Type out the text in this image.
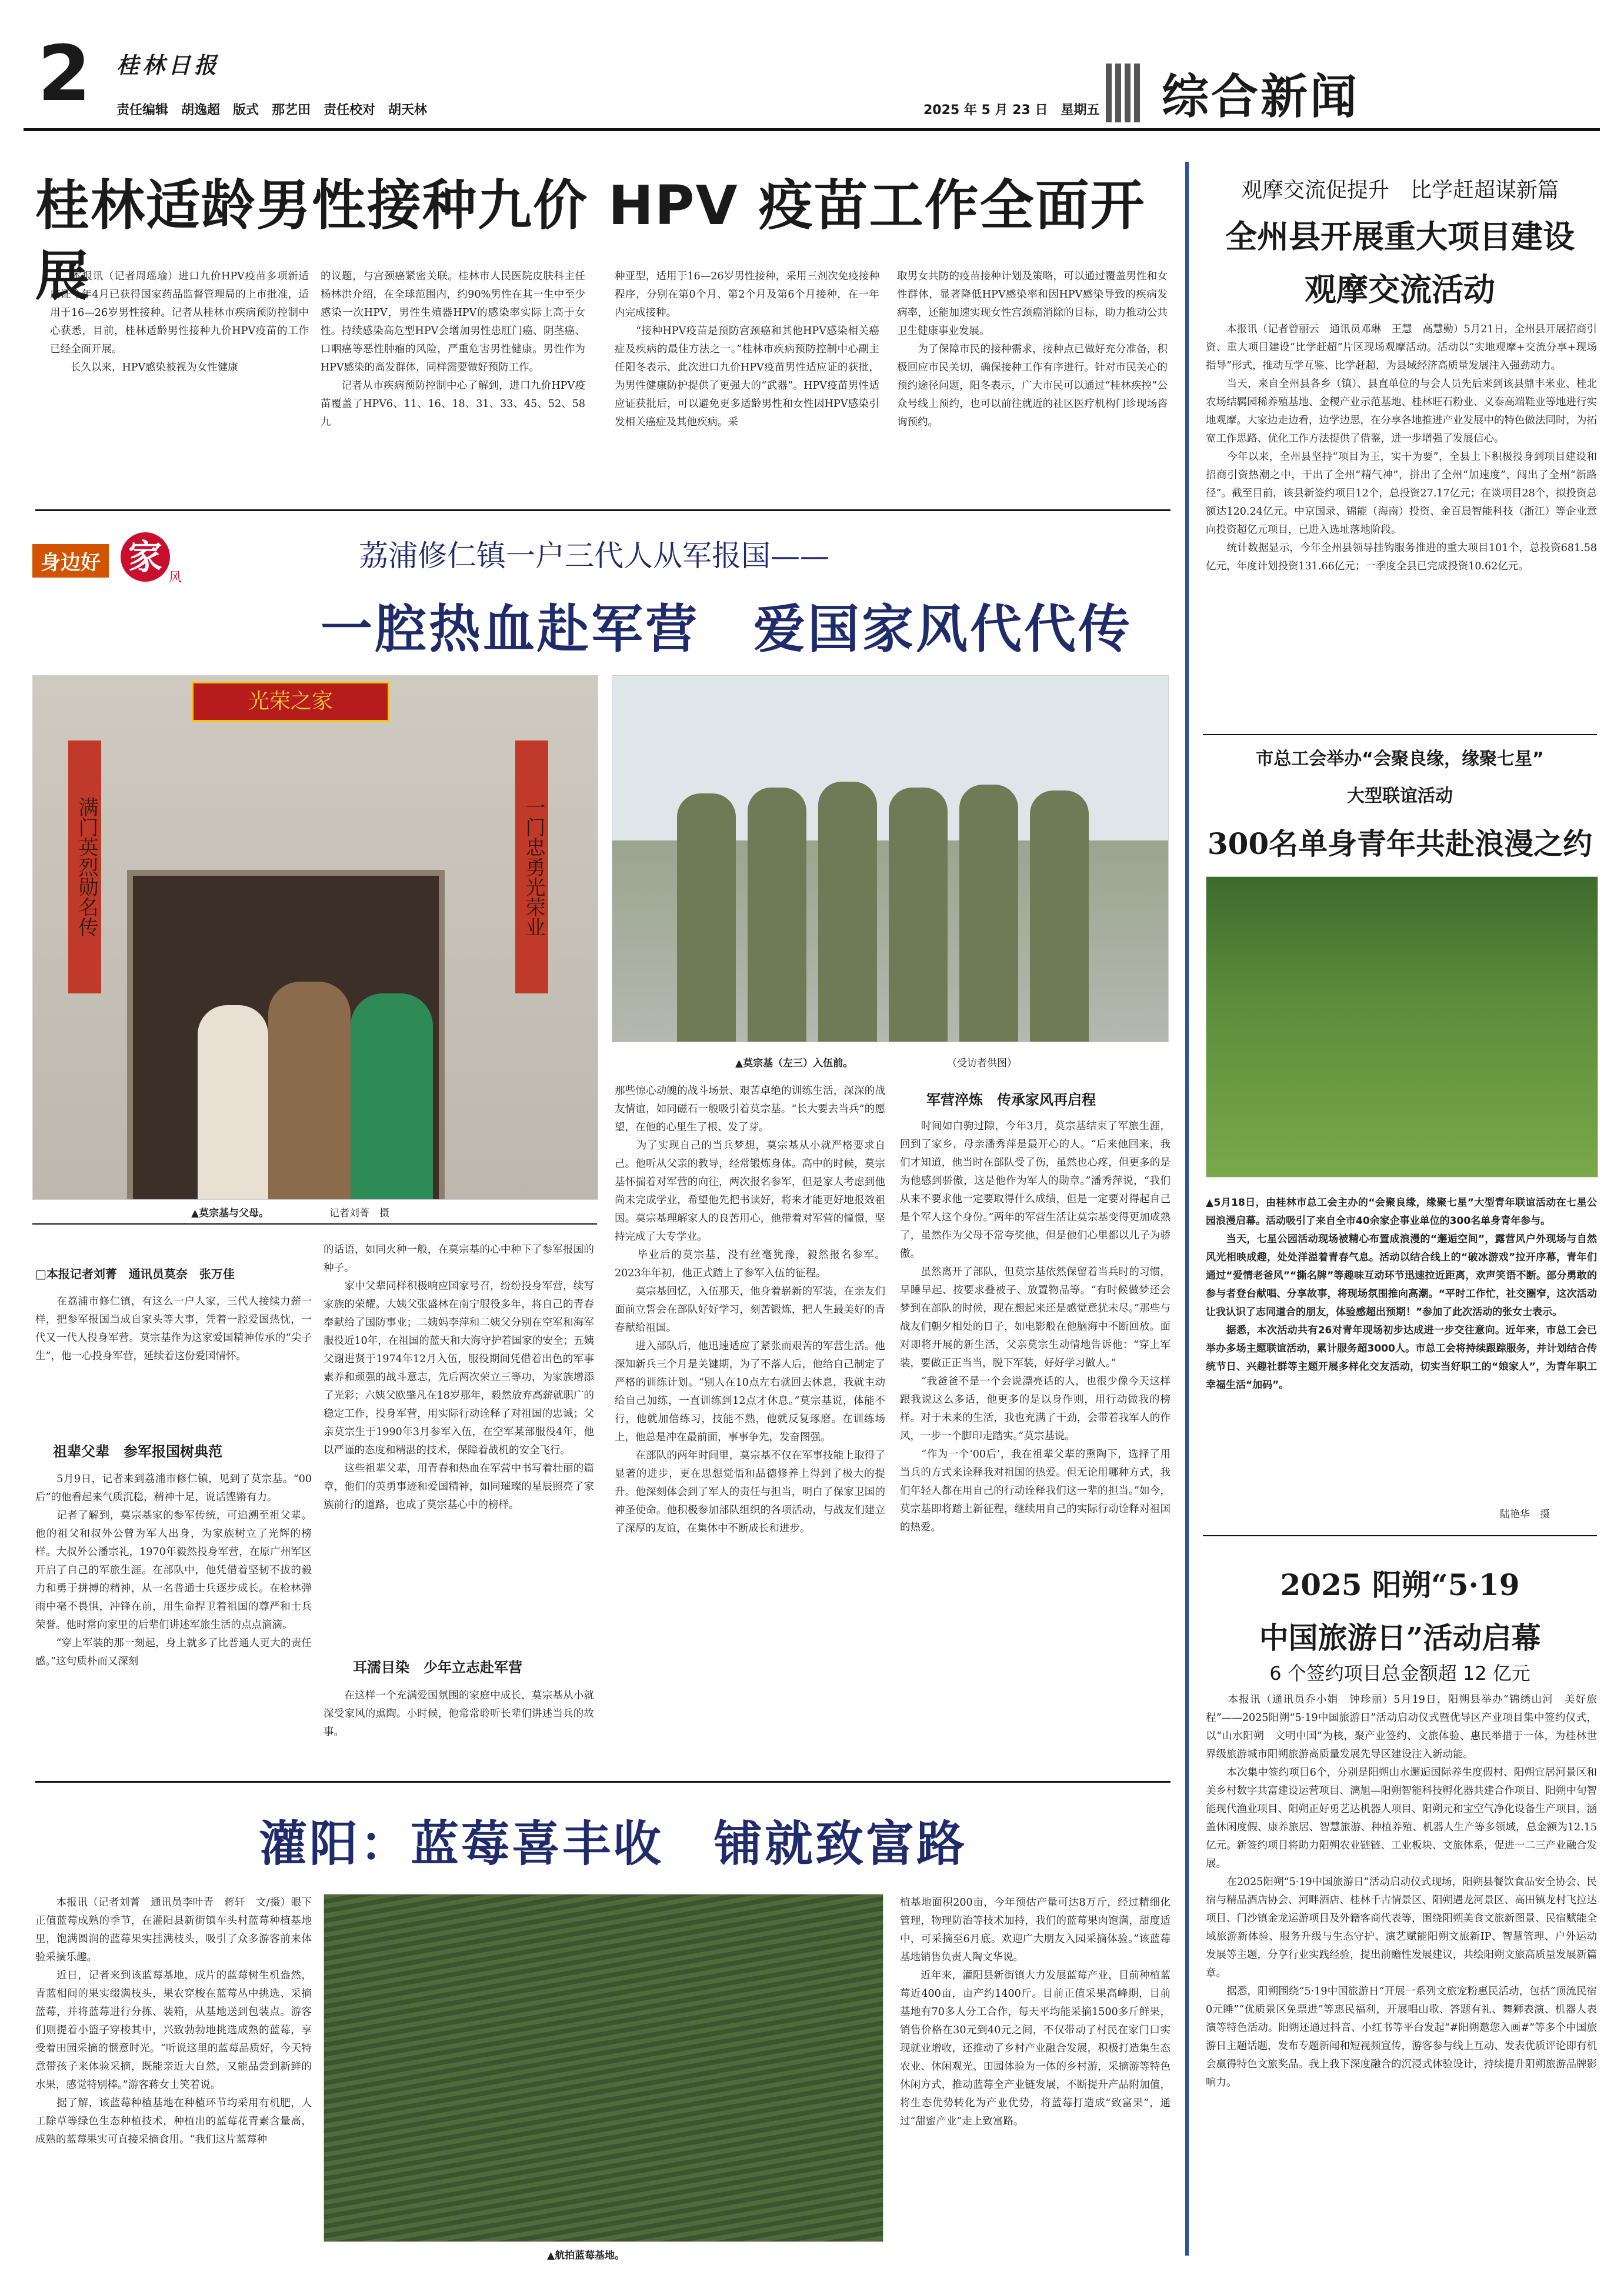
2 桂林日报
责任编辑　胡逸超　版式　那艺田　责任校对　胡天林	2025 年 5 月 23 日　星期五 综合新闻
桂林适龄男性接种九价 HPV 疫苗工作全面开展
　　本报讯（记者周瑶瑜）进口九价HPV疫苗多项新适应证今年4月已获得国家药品监督管理局的上市批准，适用于16—26岁男性接种。记者从桂林市疾病预防控制中心获悉，目前，桂林适龄男性接种九价HPV疫苗的工作已经全面开展。
　　长久以来，HPV感染被视为女性健康
的议题，与宫颈癌紧密关联。桂林市人民医院皮肤科主任杨林洪介绍，在全球范围内，约90%男性在其一生中至少感染一次HPV，男性生殖器HPV的感染率实际上高于女性。持续感染高危型HPV会增加男性患肛门癌、阴茎癌、口咽癌等恶性肿瘤的风险，严重危害男性健康。男性作为HPV感染的高发群体，同样需要做好预防工作。
　　记者从市疾病预防控制中心了解到，进口九价HPV疫苗覆盖了HPV6、11、16、18、31、33、45、52、58九
种亚型，适用于16—26岁男性接种，采用三剂次免疫接种程序，分别在第0个月、第2个月及第6个月接种，在一年内完成接种。
　　“接种HPV疫苗是预防宫颈癌和其他HPV感染相关癌症及疾病的最佳方法之一。”桂林市疾病预防控制中心副主任阳冬表示，此次进口九价HPV疫苗男性适应证的获批，为男性健康防护提供了更强大的“武器”。HPV疫苗男性适应证获批后，可以避免更多适龄男性和女性因HPV感染引发相关癌症及其他疾病。采
取男女共防的疫苗接种计划及策略，可以通过覆盖男性和女性群体，显著降低HPV感染率和因HPV感染导致的疾病发病率，还能加速实现女性宫颈癌消除的目标，助力推动公共卫生健康事业发展。
　　为了保障市民的接种需求，接种点已做好充分准备，积极回应市民关切，确保接种工作有序进行。针对市民关心的预约途径问题，阳冬表示，广大市民可以通过“桂林疾控”公众号线上预约，也可以前往就近的社区医疗机构门诊现场咨询预约。
身边好 家
风
荔浦修仁镇一户三代人从军报国——
一腔热血赴军营　爱国家风代代传
光荣之家
满门英烈勋名传	一门忠勇光荣业
▲莫宗基与父母。	记者刘菁　摄
▲莫宗基（左三）入伍前。	（受访者供图）
□本报记者刘菁　通讯员莫奈　张万佳
　　在荔浦市修仁镇，有这么一户人家，三代人接续力薪一样，把参军报国当成自家头等大事，凭着一腔爱国热忱，一代又一代人投身军营。莫宗基作为这家爱国精神传承的“尖子生”，他一心投身军营，延续着这份爱国情怀。
祖辈父辈　参军报国树典范
　　5月9日，记者来到荔浦市修仁镇，见到了莫宗基。“00后”的他看起来气质沉稳，精神十足，说话铿锵有力。
　　记者了解到，莫宗基家的参军传统，可追溯至祖父辈。他的祖父和叔外公曾为军人出身，为家族树立了光辉的榜样。大叔外公潘宗礼，1970年毅然投身军营，在原广州军区开启了自己的军旅生涯。在部队中，他凭借着坚韧不拔的毅力和勇于拼搏的精神，从一名普通士兵逐步成长。在枪林弹雨中毫不畏惧，冲锋在前，用生命捍卫着祖国的尊严和士兵荣誉。他时常向家里的后辈们讲述军旅生活的点点滴滴。
　　“穿上军装的那一刻起，身上就多了比普通人更大的责任感。”这句质朴而又深刻
的话语，如同火种一般，在莫宗基的心中种下了参军报国的种子。
　　家中父辈同样积极响应国家号召，纷纷投身军营，续写家族的荣耀。大姨父张盛林在南宁服役多年，将自己的青春奉献给了国防事业；二姨妈李萍和二姨父分别在空军和海军服役近10年，在祖国的蓝天和大海守护着国家的安全；五姨父谢进贤于1974年12月入伍，服役期间凭借着出色的军事素养和顽强的战斗意志，先后两次荣立三等功，为家族增添了光彩；六姨父欧肇凡在18岁那年，毅然放弃高薪就职广的稳定工作，投身军营，用实际行动诠释了对祖国的忠诚；父亲莫宗生于1990年3月参军入伍，在空军某部服役4年，他以严谨的态度和精湛的技术，保障着战机的安全飞行。
　　这些祖辈父辈，用青春和热血在军营中书写着壮丽的篇章，他们的英勇事迹和爱国精神，如同璀璨的星辰照亮了家族前行的道路，也成了莫宗基心中的榜样。
耳濡目染　少年立志赴军营
　　在这样一个充满爱国氛围的家庭中成长，莫宗基从小就深受家风的熏陶。小时候，他常常聆听长辈们讲述当兵的故事。
那些惊心动魄的战斗场景、艰苦卓绝的训练生活，深深的战友情谊，如同磁石一般吸引着莫宗基。“长大要去当兵”的愿望，在他的心里生了根、发了芽。
　　为了实现自己的当兵梦想，莫宗基从小就严格要求自己。他听从父亲的教导，经常锻炼身体。高中的时候，莫宗基怀揣着对军营的向往，两次报名参军，但是家人考虑到他尚未完成学业，希望他先把书读好，将来才能更好地报效祖国。莫宗基理解家人的良苦用心，他带着对军营的憧憬，坚持完成了大专学业。
　　毕业后的莫宗基，没有丝毫犹豫，毅然报名参军。2023年年初，他正式踏上了参军入伍的征程。
　　莫宗基回忆，入伍那天，他身着崭新的军装，在亲友们面前立誓会在部队好好学习，刻苦锻炼，把人生最美好的青春献给祖国。
　　进入部队后，他迅速适应了紧张而艰苦的军营生活。他深知新兵三个月是关键期，为了不落人后，他给自己制定了严格的训练计划。“别人在10点左右就回去休息，我就主动给自己加练，一直训练到12点才休息。”莫宗基说，体能不行，他就加倍练习，技能不熟，他就反复琢磨。在训练场上，他总是冲在最前面，事事争先，发奋图强。
　　在部队的两年时间里，莫宗基不仅在军事技能上取得了显著的进步，更在思想觉悟和品德修养上得到了极大的提升。他深刻体会到了军人的责任与担当，明白了保家卫国的神圣使命。他积极参加部队组织的各项活动，与战友们建立了深厚的友谊，在集体中不断成长和进步。
军营淬炼　传承家风再启程
　　时间如白驹过隙，今年3月，莫宗基结束了军旅生涯，回到了家乡，母亲潘秀萍是最开心的人。“后来他回来，我们才知道，他当时在部队受了伤，虽然也心疼，但更多的是为他感到骄傲，这是他作为军人的勋章。”潘秀萍说，“我们从来不要求他一定要取得什么成绩，但是一定要对得起自己是个军人这个身份。”两年的军营生活让莫宗基变得更加成熟了，虽然作为父母不常夸奖他，但是他们心里都以儿子为骄傲。
　　虽然离开了部队，但莫宗基依然保留着当兵时的习惯，早睡早起、按要求叠被子、放置物品等。“有时候做梦还会梦到在部队的时候，现在想起来还是感觉意犹未尽。”那些与战友们朝夕相处的日子，如电影般在他脑海中不断回放。面对即将开展的新生活，父亲莫宗生动情地告诉他：“穿上军装，要做正正当当，脱下军装，好好学习做人。”
　　“我爸爸不是一个会说漂亮话的人，也很少像今天这样跟我说这么多话，他更多的是以身作则，用行动做我的榜样。对于未来的生活，我也充满了干劲，会带着我军人的作风，一步一个脚印走踏实。”莫宗基说。
　　“作为一个‘00后’，我在祖辈父辈的熏陶下，选择了用当兵的方式来诠释我对祖国的热爱。但无论用哪种方式，我们年轻人都在用自己的行动诠释我们这一辈的担当。”如今，莫宗基即将踏上新征程，继续用自己的实际行动诠释对祖国的热爱。
灌阳：蓝莓喜丰收　铺就致富路
　　本报讯（记者刘菁　通讯员李叶青　蒋轩　文/摄）眼下正值蓝莓成熟的季节，在灌阳县新街镇车头村蓝莓种植基地里，饱满圆润的蓝莓果实挂满枝头，吸引了众多游客前来体验采摘乐趣。
　　近日，记者来到该蓝莓基地，成片的蓝莓树生机盎然，青蓝相间的果实缀满枝头，果农穿梭在蓝莓丛中挑选、采摘蓝莓，并将蓝莓进行分拣、装箱，从基地送到包装点。游客们则提着小篮子穿梭其中，兴致勃勃地挑选成熟的蓝莓，享受着田园采摘的惬意时光。“听说这里的蓝莓品质好，今天特意带孩子来体验采摘，既能亲近大自然，又能品尝到新鲜的水果，感觉特别棒。”游客蒋女士笑着说。
　　据了解，该蓝莓种植基地在种植环节均采用有机肥，人工除草等绿色生态种植技术，种植出的蓝莓花青素含量高，成熟的蓝莓果实可直接采摘食用。“我们这片蓝莓种
▲航拍蓝莓基地。
植基地面积200亩，今年预估产量可达8万斤，经过精细化管理，物理防治等技术加持，我们的蓝莓果肉饱满，甜度适中，可采摘至6月底。欢迎广大朋友入园采摘体验。”该蓝莓基地销售负责人陶文华说。
　　近年来，灌阳县新街镇大力发展蓝莓产业，目前种植蓝莓近400亩，亩产约1400斤。目前正值采果高峰期，目前基地有70多人分工合作，每天平均能采摘1500多斤鲜果，销售价格在30元到40元之间，不仅带动了村民在家门口实现就业增收，还推动了乡村产业融合发展，积极打造集生态农业、休闲观光、田园体验为一体的乡村游，采摘游等特色休闲方式，推动蓝莓全产业链发展，不断提升产品附加值，将生态优势转化为产业优势，将蓝莓打造成“致富果”，通过“甜蜜产业”走上致富路。
观摩交流促提升　比学赶超谋新篇
全州县开展重大项目建设
观摩交流活动
　　本报讯（记者曾丽云　通讯员邓琳　王慧　高慧勤）5月21日，全州县开展招商引资、重大项目建设“比学赶超”片区现场观摩活动。活动以“实地观摩+交流分享+现场指导”形式，推动互学互鉴、比学赶超，为县域经济高质量发展注入强劲动力。
　　当天，来自全州县各乡（镇）、县直单位的与会人员先后来到该县鼎丰米业、桂北农场结羁园稀养殖基地、金稷产业示范基地、桂林旺石粉业、义泰高端鞋业等地进行实地观摩。大家边走边看，边学边思，在分享各地推进产业发展中的特色做法同时，为拓宽工作思路、优化工作方法提供了借鉴，进一步增强了发展信心。
　　今年以来，全州县坚持“项目为王，实干为要”，全县上下积极投身到项目建设和招商引资热潮之中，干出了全州“精气神”，拼出了全州“加速度”，闯出了全州“新路径”。截至目前，该县新签约项目12个，总投资27.17亿元；在谈项目28个，拟投资总额达120.24亿元。中京国录、锦能（海南）投资、金百晨智能科技（浙江）等企业意向投资超亿元项目，已进入选址落地阶段。
　　统计数据显示，今年全州县领导挂钩服务推进的重大项目101个，总投资681.58亿元，年度计划投资131.66亿元；一季度全县已完成投资10.62亿元。
市总工会举办“会聚良缘，缘聚七星”
大型联谊活动
300名单身青年共赴浪漫之约
▲5月18日，由桂林市总工会主办的“会聚良缘，缘聚七星”大型青年联谊活动在七星公园浪漫启幕。活动吸引了来自全市40余家企事业单位的300名单身青年参与。
　　当天，七星公园活动现场被精心布置成浪漫的“邂逅空间”，露营风户外现场与自然风光相映成趣，处处洋溢着青春气息。活动以结合线上的“破冰游戏”拉开序幕，青年们通过“爱情老爸风”“撕名牌”等趣味互动环节迅速拉近距离，欢声笑语不断。部分勇敢的参与者登台献唱、分享故事，将现场氛围推向高潮。“平时工作忙，社交圈窄，这次活动让我认识了志同道合的朋友，体验感超出预期！”参加了此次活动的张女士表示。
　　据悉，本次活动共有26对青年现场初步达成进一步交往意向。近年来，市总工会已举办多场主题联谊活动，累计服务超3000人。市总工会将持续跟踪服务，并计划结合传统节日、兴趣社群等主题开展多样化交友活动，切实当好职工的“娘家人”，为青年职工幸福生活“加码”。
陆艳华　摄
2025 阳朔“5·19
中国旅游日”活动启幕
6 个签约项目总金额超 12 亿元
　　本报讯（通讯员乔小娟　钟珍丽）5月19日，阳朔县举办“锦绣山河　美好旅程”——2025阳朔“5·19中国旅游日”活动启动仪式暨优导区产业项目集中签约仪式，以“山水阳朔　文明中国”为核，聚产业签约、文旅体验、惠民举措于一体，为桂林世界级旅游城市阳朔旅游高质量发展先导区建设注入新动能。
　　本次集中签约项目6个，分别是阳朔山水邂逅国际养生度假村、阳朔宜居河景区和美乡村数字共富建设运营项目、漓旭—阳朔智能科技孵化器共建合作项目、阳朔中旬智能现代渔业项目、阳朔正好勇艺达机器人项目、阳朔元和宝空气净化设备生产项目，涵盖休闲度假、康养旅居、智慧旅游、种植养殖、机器人生产等多领域，总金额为12.15亿元。新签约项目将助力阳朔农业链链、工业板块、文旅体系，促进一二三产业融合发展。
　　在2025阳朔“5·19中国旅游日”活动启动仪式现场，阳朔县餐饮食品安全协会、民宿与精品酒店协会、河畔酒店、桂林千古情景区、阳朔遇龙河景区、高田镇龙村飞拉达项目、门沙镇金龙运游项目及外籍客商代表等，围绕阳朔美食文旅新图景、民宿赋能全域旅游新体验、服务升级与生态守护、演艺赋能阳朔文旅新IP、智慧管理、户外运动发展等主题，分享行业实践经验，提出前瞻性发展建议，共绘阳朔文旅高质量发展新篇章。
　　据悉，阳朔围绕“5·19中国旅游日”开展一系列文旅宠粉惠民活动，包括“顶流民宿0元睡”“优质景区免票进”等惠民福利，开展唱山歌、答题有礼、舞狮表演、机器人表演等特色活动。阳朔还通过抖音、小红书等平台发起“#阳朔邀您入画#”等多个中国旅游日主题话题，发布专题新闻和短视频宣传，游客参与线上互动、发表优质评论即有机会赢得特色文旅奖品。我上我下深度融合的沉浸式体验设计，持续提升阳朔旅游品牌影响力。
